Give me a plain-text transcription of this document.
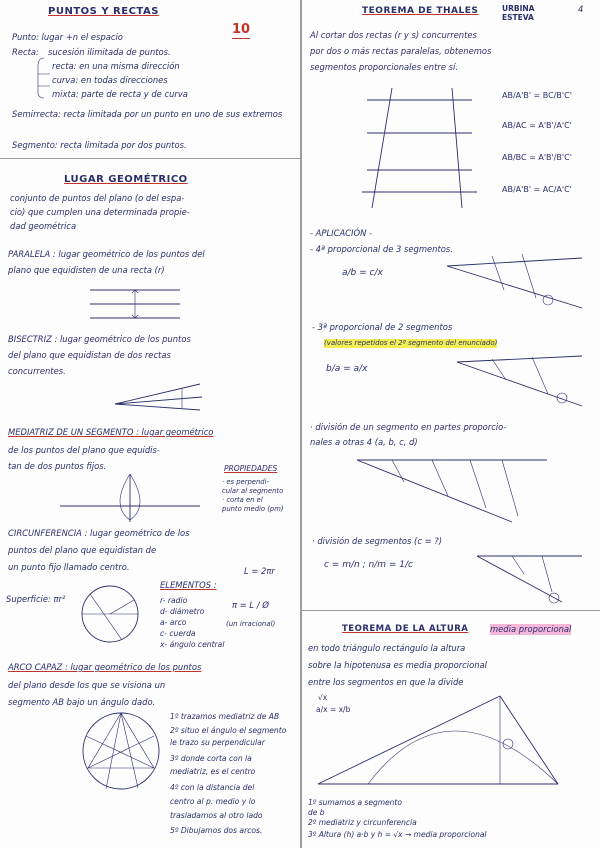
PUNTOS Y RECTAS
10
Punto: lugar +n el espacio
Recta: sucesión ilimitada de puntos.
recta: en una misma dirección
curva: en todas direcciones
mixta: parte de recta y de curva
Semirrecta: recta limitada por un punto en uno de sus extremos
Segmento: recta limitada por dos puntos.
LUGAR GEOMÉTRICO
conjunto de puntos del plano (o del espa-
cio) que cumplen una determinada propie-
dad geométrica
PARALELA : lugar geométrico de los puntos del
plano que equidisten de una recta (r)
BISECTRIZ : lugar geométrico de los puntos
del plano que equidistan de dos rectas
concurrentes.
MEDIATRIZ DE UN SEGMENTO : lugar geométrico
de los puntos del plano que equidis-
tan de dos puntos fijos.	PROPIEDADES
· es perpendi-
cular al segmento
· corta en el
punto medio (pm)
CIRCUNFERENCIA : lugar geométrico de los
puntos del plano que equidistan de
un punto fijo llamado centro.	L = 2πr
Superficie: πr²
ELEMENTOS :
r- radio
d- diámetro
a- arco
c- cuerda
x- ángulo central
π = L / Ø
(un irracional)
ARCO CAPAZ : lugar geométrico de los puntos
del plano desde los que se visiona un
segmento AB bajo un ángulo dado.
1º trazamos mediatriz de AB
2º situo el ángulo el segmento
le trazo su perpendicular
3º donde corta con la
mediatriz, es el centro
4º con la distancia del
centro al p. medio y lo
trasladamos al otro lado
5º Dibujamos dos arcos.
TEOREMA DE THALES	URBINA ESTEVA
4
Al cortar dos rectas (r y s) concurrentes
por dos o más rectas paralelas, obtenemos
segmentos proporcionales entre sí.
AB/A'B' = BC/B'C'
AB/AC = A'B'/A'C'
AB/BC = A'B'/B'C'
AB/A'B' = AC/A'C'
- APLICACIÓN -
- 4ª proporcional de 3 segmentos.
a/b = c/x
- 3ª proporcional de 2 segmentos
(valores repetidos el 2º segmento del enunciado)
b/a = a/x
· división de un segmento en partes proporcio-
nales a otras 4 (a, b, c, d)
· división de segmentos (c = ?)
c = m/n ; n/m = 1/c
TEOREMA DE LA ALTURA	media proporcional
en todo triángulo rectángulo la altura
sobre la hipotenusa es media proporcional
entre los segmentos en que la divide
√x
a/x = x/b
1º sumamos a segmento
de b
2º mediatriz y circunferencia
3º Altura (h) a·b y h = √x → media proporcional
